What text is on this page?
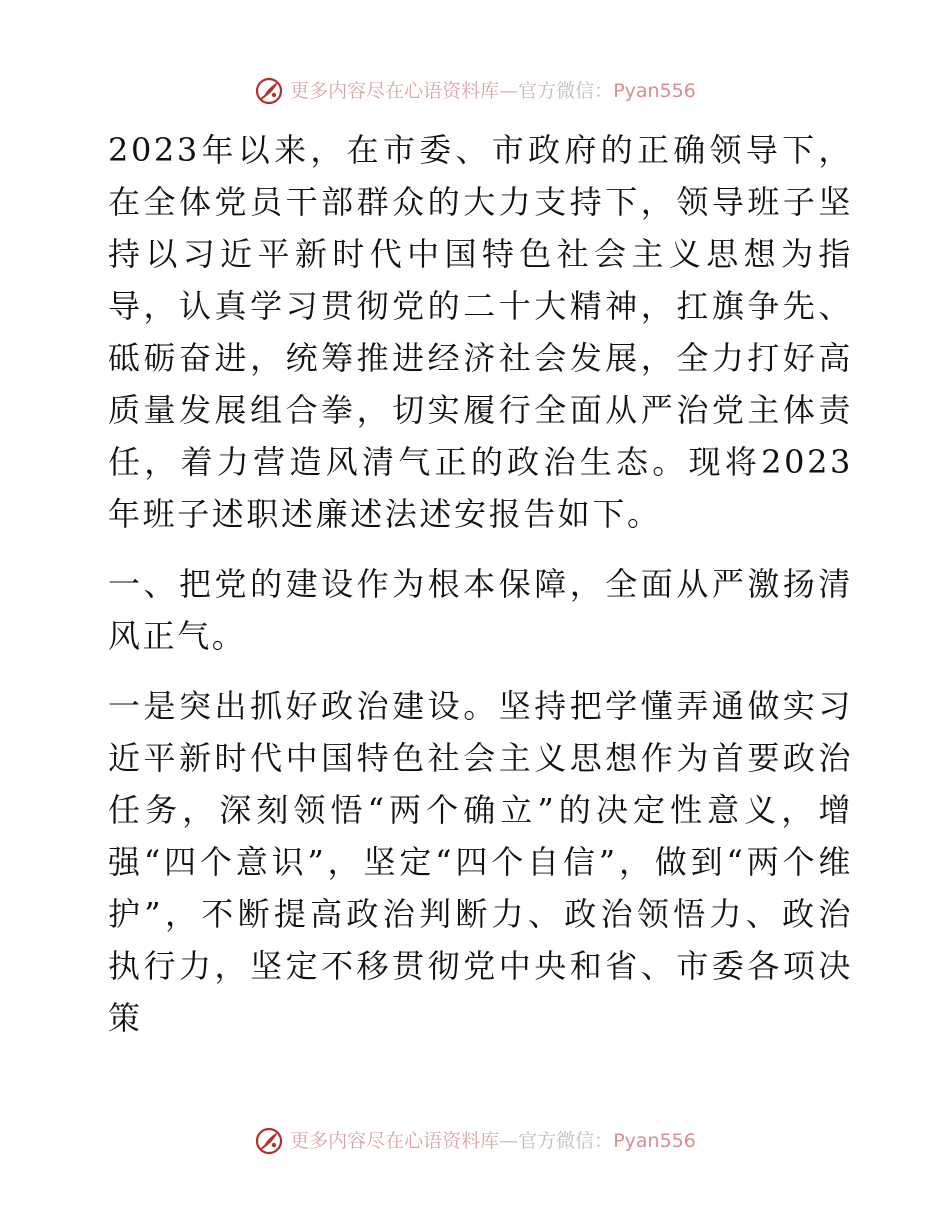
更多内容尽在心语资料库 — 官方微信： Pyan556

2023年以来，在市委、市政府的正确领导下，在全体党员干部群众的大力支持下，领导班子坚持以习近平新时代中国特色社会主义思想为指导，认真学习贯彻党的二十大精神，扛旗争先、砥砺奋进，统筹推进经济社会发展，全力打好高质量发展组合拳，切实履行全面从严治党主体责任，着力营造风清气正的政治生态。现将2023年班子述职述廉述法述安报告如下。

一、把党的建设作为根本保障，全面从严激扬清风正气。

一是突出抓好政治建设。坚持把学懂弄通做实习近平新时代中国特色社会主义思想作为首要政治任务，深刻领悟“两个确立”的决定性意义，增强“四个意识”，坚定“四个自信”，做到“两个维护”，不断提高政治判断力、政治领悟力、政治执行力，坚定不移贯彻党中央和省、市委各项决策

更多内容尽在心语资料库 — 官方微信： Pyan556
